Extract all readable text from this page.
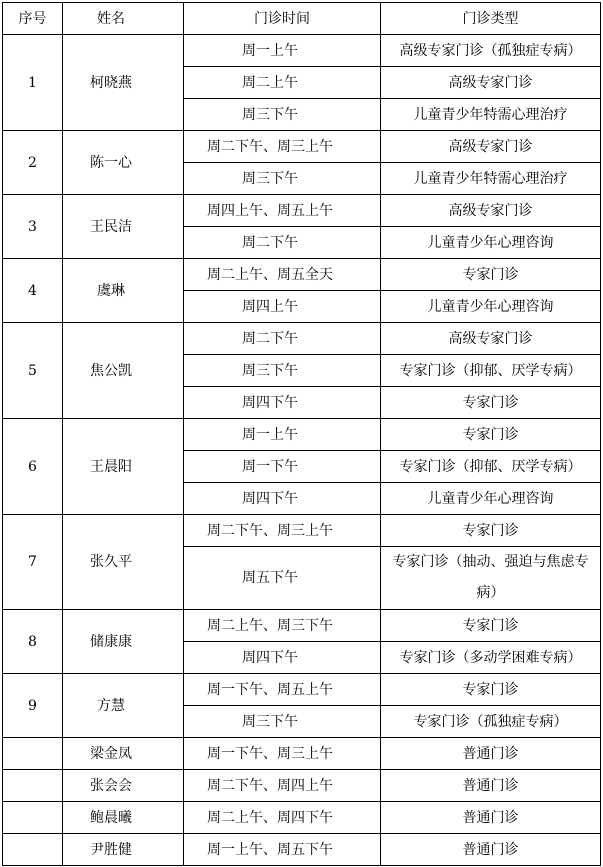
序号	姓名	门诊时间	门诊类型
1	柯晓燕	周一上午	高级专家门诊（孤独症专病）
		周二上午	高级专家门诊
		周三下午	儿童青少年特需心理治疗
2	陈一心	周二下午、周三上午	高级专家门诊
		周三下午	儿童青少年特需心理治疗
3	王民洁	周四上午、周五上午	高级专家门诊
		周二下午	儿童青少年心理咨询
4	虞琳	周二上午、周五全天	专家门诊
		周四上午	儿童青少年心理咨询
5	焦公凯	周二下午	高级专家门诊
		周三下午	专家门诊（抑郁、厌学专病）
		周四下午	专家门诊
6	王晨阳	周一上午	专家门诊
		周一下午	专家门诊（抑郁、厌学专病）
		周四下午	儿童青少年心理咨询
7	张久平	周二下午、周三上午	专家门诊
		周五下午	专家门诊（抽动、强迫与焦虑专病）
8	储康康	周二上午、周三下午	专家门诊
		周四下午	专家门诊（多动学困难专病）
9	方慧	周一下午、周五上午	专家门诊
		周三下午	专家门诊（孤独症专病）
	梁金凤	周一下午、周三上午	普通门诊
	张会会	周二下午、周四上午	普通门诊
	鲍晨曦	周二上午、周四下午	普通门诊
	尹胜健	周一上午、周五下午	普通门诊
